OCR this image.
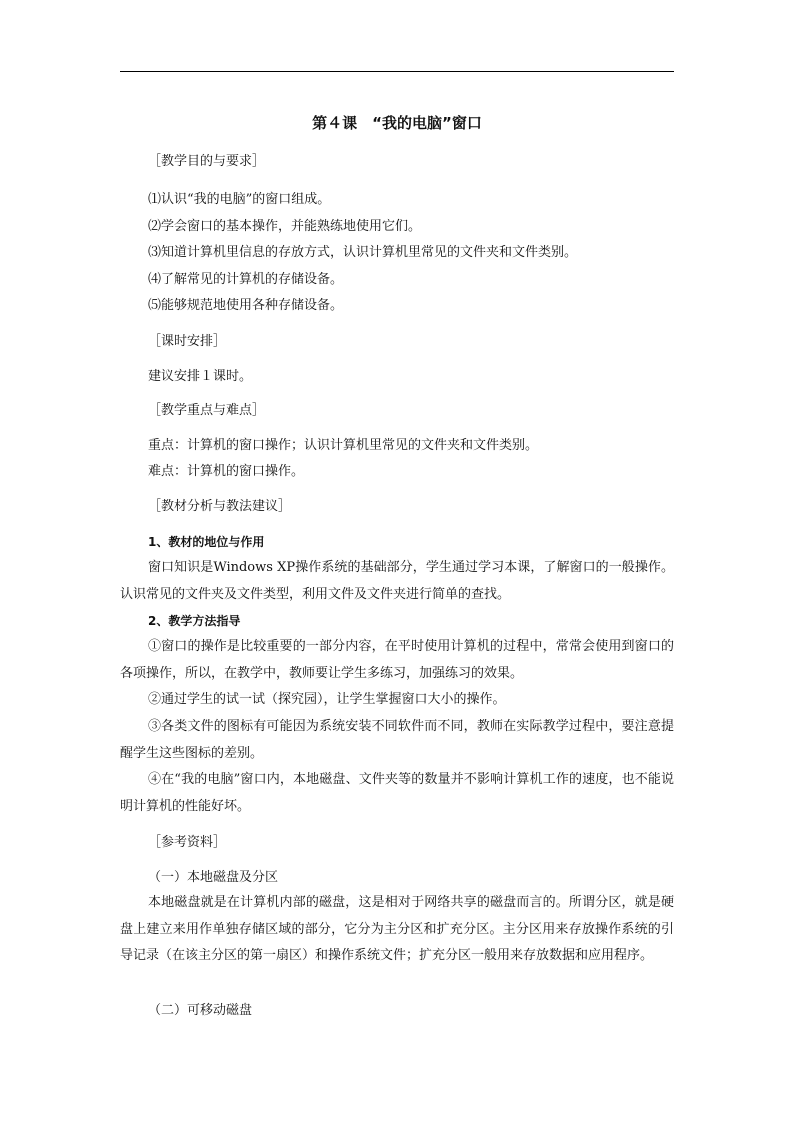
第４课　“我的电脑”窗口
［教学目的与要求］
⑴认识“我的电脑”的窗口组成。
⑵学会窗口的基本操作，并能熟练地使用它们。
⑶知道计算机里信息的存放方式，认识计算机里常见的文件夹和文件类别。
⑷了解常见的计算机的存储设备。
⑸能够规范地使用各种存储设备。
［课时安排］
建议安排１课时。
［教学重点与难点］
重点：计算机的窗口操作；认识计算机里常见的文件夹和文件类别。
难点：计算机的窗口操作。
［教材分析与教法建议］
1、教材的地位与作用
窗口知识是Windows XP操作系统的基础部分，学生通过学习本课，了解窗口的一般操作。认识常见的文件夹及文件类型，利用文件及文件夹进行简单的查找。
2、教学方法指导
①窗口的操作是比较重要的一部分内容，在平时使用计算机的过程中，常常会使用到窗口的各项操作，所以，在教学中，教师要让学生多练习，加强练习的效果。
②通过学生的试一试（探究园），让学生掌握窗口大小的操作。
③各类文件的图标有可能因为系统安装不同软件而不同，教师在实际教学过程中，要注意提醒学生这些图标的差别。
④在“我的电脑”窗口内，本地磁盘、文件夹等的数量并不影响计算机工作的速度，也不能说明计算机的性能好坏。
［参考资料］
（一）本地磁盘及分区
本地磁盘就是在计算机内部的磁盘，这是相对于网络共享的磁盘而言的。所谓分区，就是硬盘上建立来用作单独存储区域的部分，它分为主分区和扩充分区。主分区用来存放操作系统的引导记录（在该主分区的第一扇区）和操作系统文件；扩充分区一般用来存放数据和应用程序。
（二）可移动磁盘
